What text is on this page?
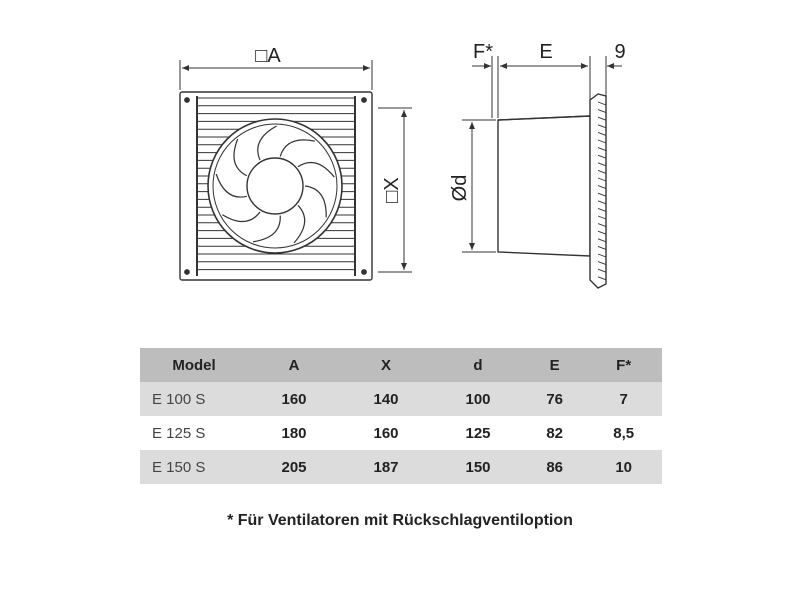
□A
□X
F* E	9
Ød
Model	A	X	d	E	F*
E 100 S	160	140	100	76	7
E 125 S	180	160	125	82	8,5
E 150 S	205	187	150	86	10
* Für Ventilatoren mit Rückschlagventiloption
